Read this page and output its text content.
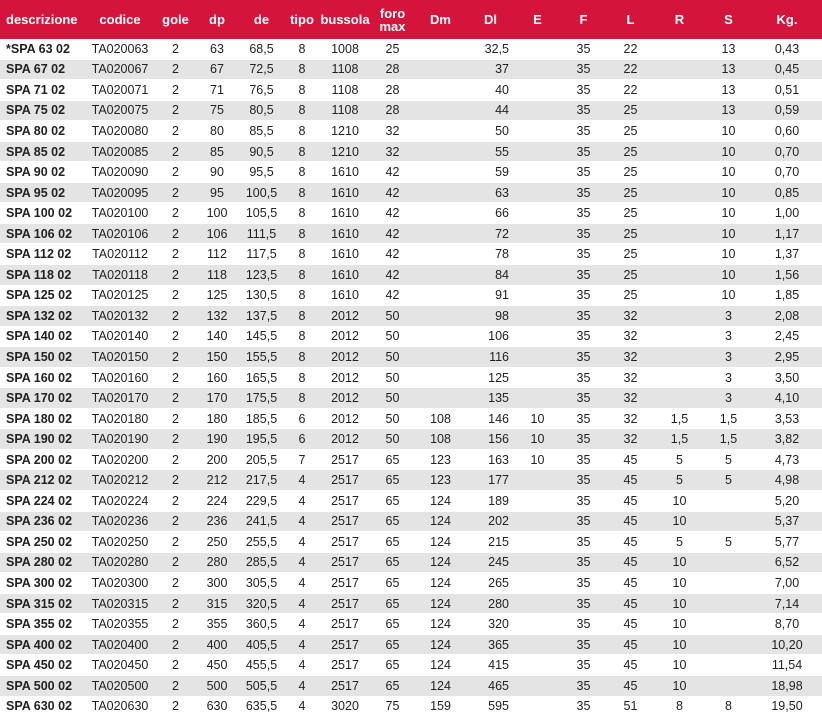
descrizione	codice	gole	dp	de	tipo	bussola	foro max	Dm	Dl	E	F	L	R	S	Kg.
*SPA 63 02	TA020063	2	63	68,5	8	1008	25		32,5		35	22		13	0,43
SPA 67 02	TA020067	2	67	72,5	8	1108	28		37		35	22		13	0,45
SPA 71 02	TA020071	2	71	76,5	8	1108	28		40		35	22		13	0,51
SPA 75 02	TA020075	2	75	80,5	8	1108	28		44		35	25		13	0,59
SPA 80 02	TA020080	2	80	85,5	8	1210	32		50		35	25		10	0,60
SPA 85 02	TA020085	2	85	90,5	8	1210	32		55		35	25		10	0,70
SPA 90 02	TA020090	2	90	95,5	8	1610	42		59		35	25		10	0,70
SPA 95 02	TA020095	2	95	100,5	8	1610	42		63		35	25		10	0,85
SPA 100 02	TA020100	2	100	105,5	8	1610	42		66		35	25		10	1,00
SPA 106 02	TA020106	2	106	111,5	8	1610	42		72		35	25		10	1,17
SPA 112 02	TA020112	2	112	117,5	8	1610	42		78		35	25		10	1,37
SPA 118 02	TA020118	2	118	123,5	8	1610	42		84		35	25		10	1,56
SPA 125 02	TA020125	2	125	130,5	8	1610	42		91		35	25		10	1,85
SPA 132 02	TA020132	2	132	137,5	8	2012	50		98		35	32		3	2,08
SPA 140 02	TA020140	2	140	145,5	8	2012	50		106		35	32		3	2,45
SPA 150 02	TA020150	2	150	155,5	8	2012	50		116		35	32		3	2,95
SPA 160 02	TA020160	2	160	165,5	8	2012	50		125		35	32		3	3,50
SPA 170 02	TA020170	2	170	175,5	8	2012	50		135		35	32		3	4,10
SPA 180 02	TA020180	2	180	185,5	6	2012	50	108	146	10	35	32	1,5	1,5	3,53
SPA 190 02	TA020190	2	190	195,5	6	2012	50	108	156	10	35	32	1,5	1,5	3,82
SPA 200 02	TA020200	2	200	205,5	7	2517	65	123	163	10	35	45	5	5	4,73
SPA 212 02	TA020212	2	212	217,5	4	2517	65	123	177		35	45	5	5	4,98
SPA 224 02	TA020224	2	224	229,5	4	2517	65	124	189		35	45	10		5,20
SPA 236 02	TA020236	2	236	241,5	4	2517	65	124	202		35	45	10		5,37
SPA 250 02	TA020250	2	250	255,5	4	2517	65	124	215		35	45	5	5	5,77
SPA 280 02	TA020280	2	280	285,5	4	2517	65	124	245		35	45	10		6,52
SPA 300 02	TA020300	2	300	305,5	4	2517	65	124	265		35	45	10		7,00
SPA 315 02	TA020315	2	315	320,5	4	2517	65	124	280		35	45	10		7,14
SPA 355 02	TA020355	2	355	360,5	4	2517	65	124	320		35	45	10		8,70
SPA 400 02	TA020400	2	400	405,5	4	2517	65	124	365		35	45	10		10,20
SPA 450 02	TA020450	2	450	455,5	4	2517	65	124	415		35	45	10		11,54
SPA 500 02	TA020500	2	500	505,5	4	2517	65	124	465		35	45	10		18,98
SPA 630 02	TA020630	2	630	635,5	4	3020	75	159	595		35	51	8	8	19,50
